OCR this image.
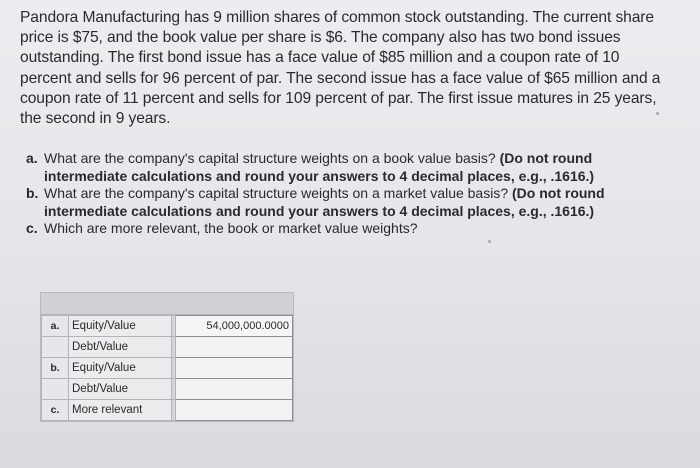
Pandora Manufacturing has 9 million shares of common stock outstanding. The current share price is $75, and the book value per share is $6. The company also has two bond issues outstanding. The first bond issue has a face value of $85 million and a coupon rate of 10 percent and sells for 96 percent of par. The second issue has a face value of $65 million and a coupon rate of 11 percent and sells for 109 percent of par. The first issue matures in 25 years, the second in 9 years.

a. What are the company's capital structure weights on a book value basis? (Do not round intermediate calculations and round your answers to 4 decimal places, e.g., .1616.)
b. What are the company's capital structure weights on a market value basis? (Do not round intermediate calculations and round your answers to 4 decimal places, e.g., .1616.)
c. Which are more relevant, the book or market value weights?
a.	Equity/Value		54,000,000.0000
	Debt/Value		
b.	Equity/Value		
	Debt/Value		
c.	More relevant		
